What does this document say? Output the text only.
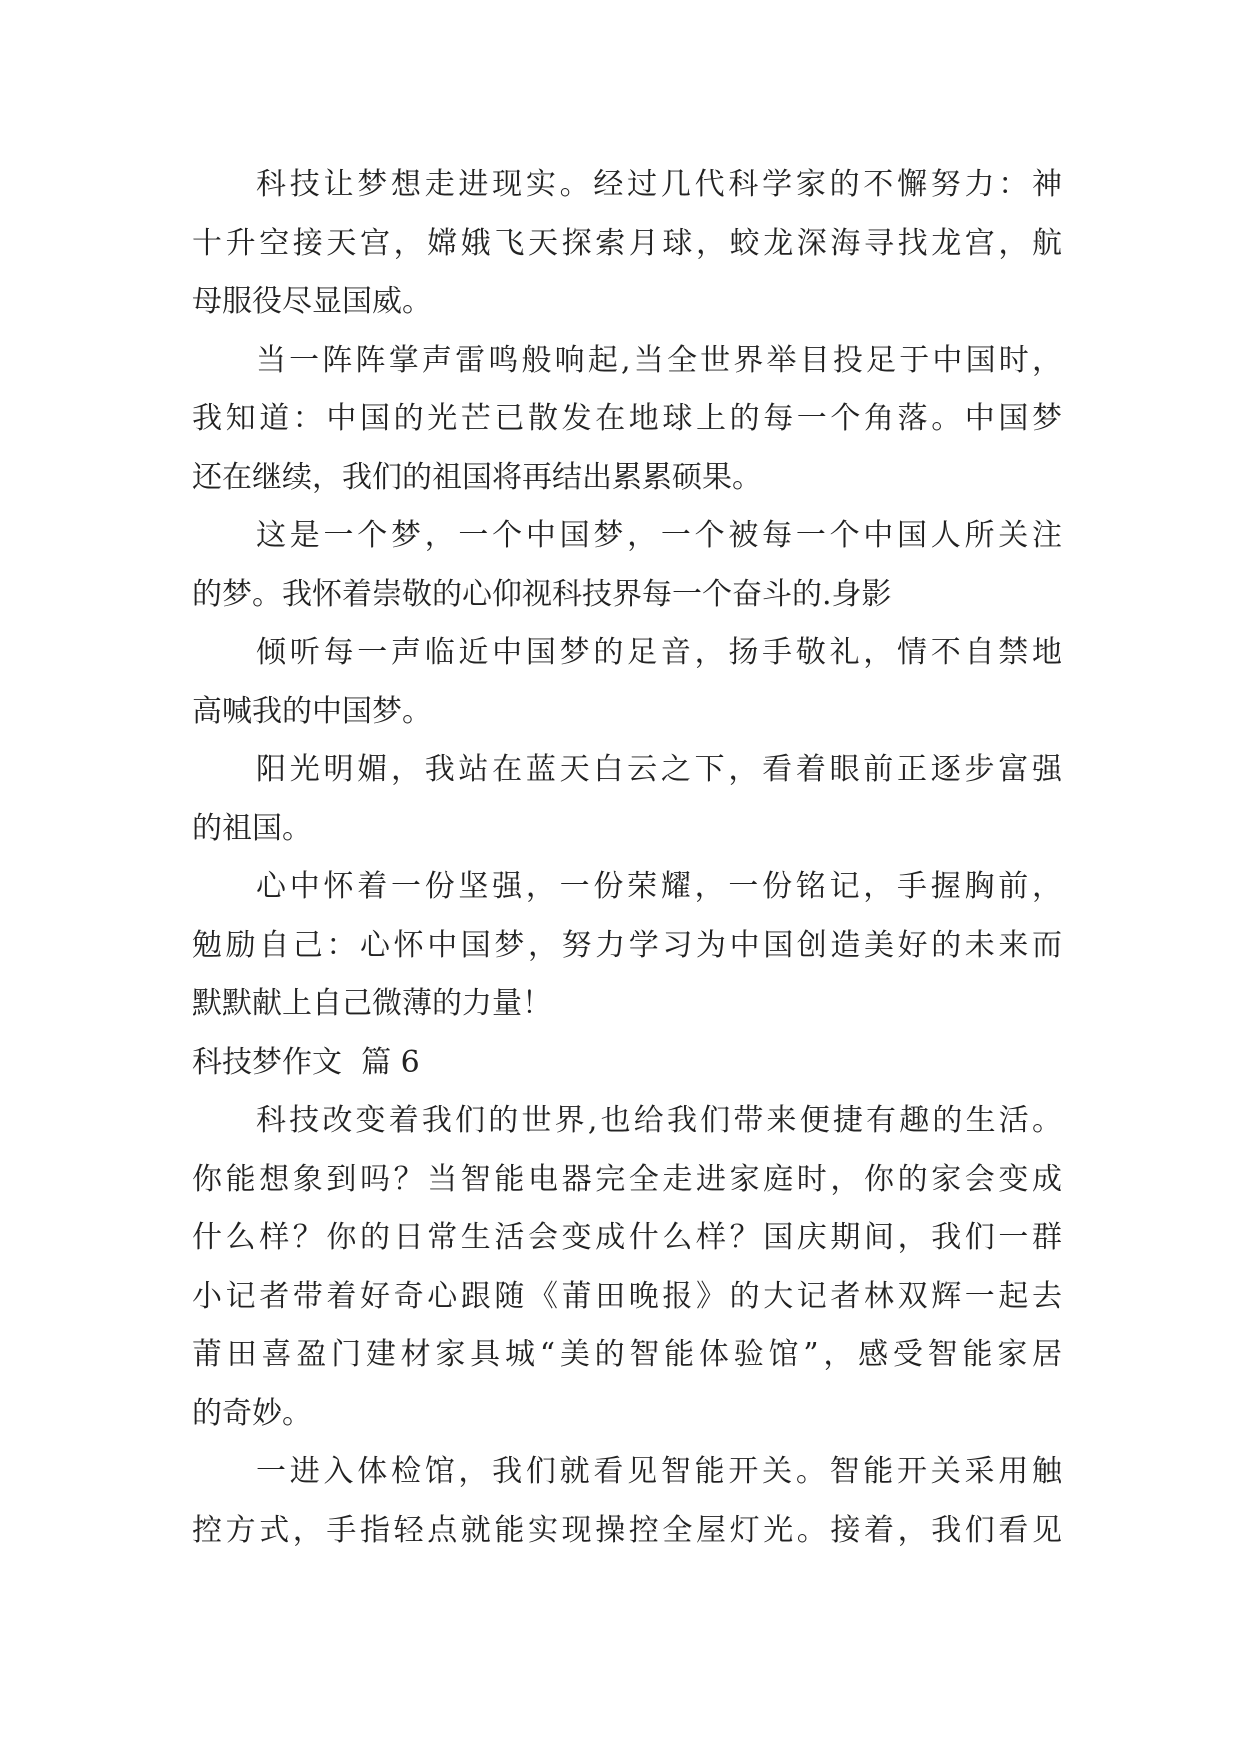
科技让梦想走进现实。经过几代科学家的不懈努力：神
十升空接天宫，嫦娥飞天探索月球，蛟龙深海寻找龙宫，航
母服役尽显国威。
当一阵阵掌声雷鸣般响起,当全世界举目投足于中国时，
我知道：中国的光芒已散发在地球上的每一个角落。中国梦
还在继续，我们的祖国将再结出累累硕果。
这是一个梦，一个中国梦，一个被每一个中国人所关注
的梦。我怀着崇敬的心仰视科技界每一个奋斗的.身影
倾听每一声临近中国梦的足音，扬手敬礼，情不自禁地
高喊我的中国梦。
阳光明媚，我站在蓝天白云之下，看着眼前正逐步富强
的祖国。
心中怀着一份坚强，一份荣耀，一份铭记，手握胸前，
勉励自己：心怀中国梦，努力学习为中国创造美好的未来而
默默献上自己微薄的力量！
科技梦作文  篇 6
科技改变着我们的世界,也给我们带来便捷有趣的生活。
你能想象到吗？当智能电器完全走进家庭时，你的家会变成
什么样？你的日常生活会变成什么样？国庆期间，我们一群
小记者带着好奇心跟随《莆田晚报》的大记者林双辉一起去
莆田喜盈门建材家具城“美的智能体验馆”，感受智能家居
的奇妙。
一进入体检馆，我们就看见智能开关。智能开关采用触
控方式，手指轻点就能实现操控全屋灯光。接着，我们看见
